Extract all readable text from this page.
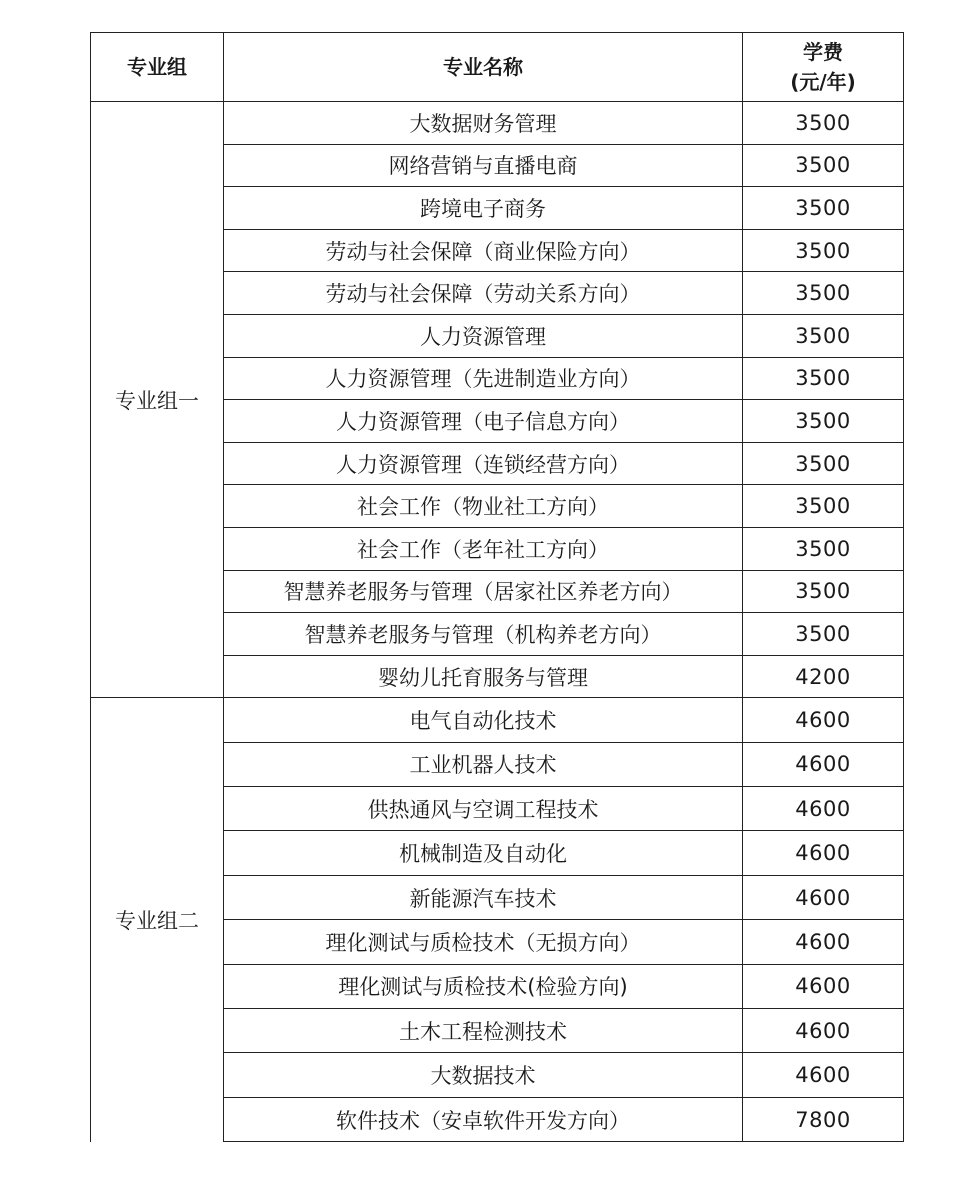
专业组	专业名称	学费
(元/年)

专业组一	大数据财务管理	3500
	网络营销与直播电商	3500
	跨境电子商务	3500
	劳动与社会保障（商业保险方向）	3500
	劳动与社会保障（劳动关系方向）	3500
	人力资源管理	3500
	人力资源管理（先进制造业方向）	3500
	人力资源管理（电子信息方向）	3500
	人力资源管理（连锁经营方向）	3500
	社会工作（物业社工方向）	3500
	社会工作（老年社工方向）	3500
	智慧养老服务与管理（居家社区养老方向）	3500
	智慧养老服务与管理（机构养老方向）	3500
	婴幼儿托育服务与管理	4200
专业组二	电气自动化技术	4600
	工业机器人技术	4600
	供热通风与空调工程技术	4600
	机械制造及自动化	4600
	新能源汽车技术	4600
	理化测试与质检技术（无损方向）	4600
	理化测试与质检技术(检验方向)	4600
	土木工程检测技术	4600
	大数据技术	4600
	软件技术（安卓软件开发方向）	7800
